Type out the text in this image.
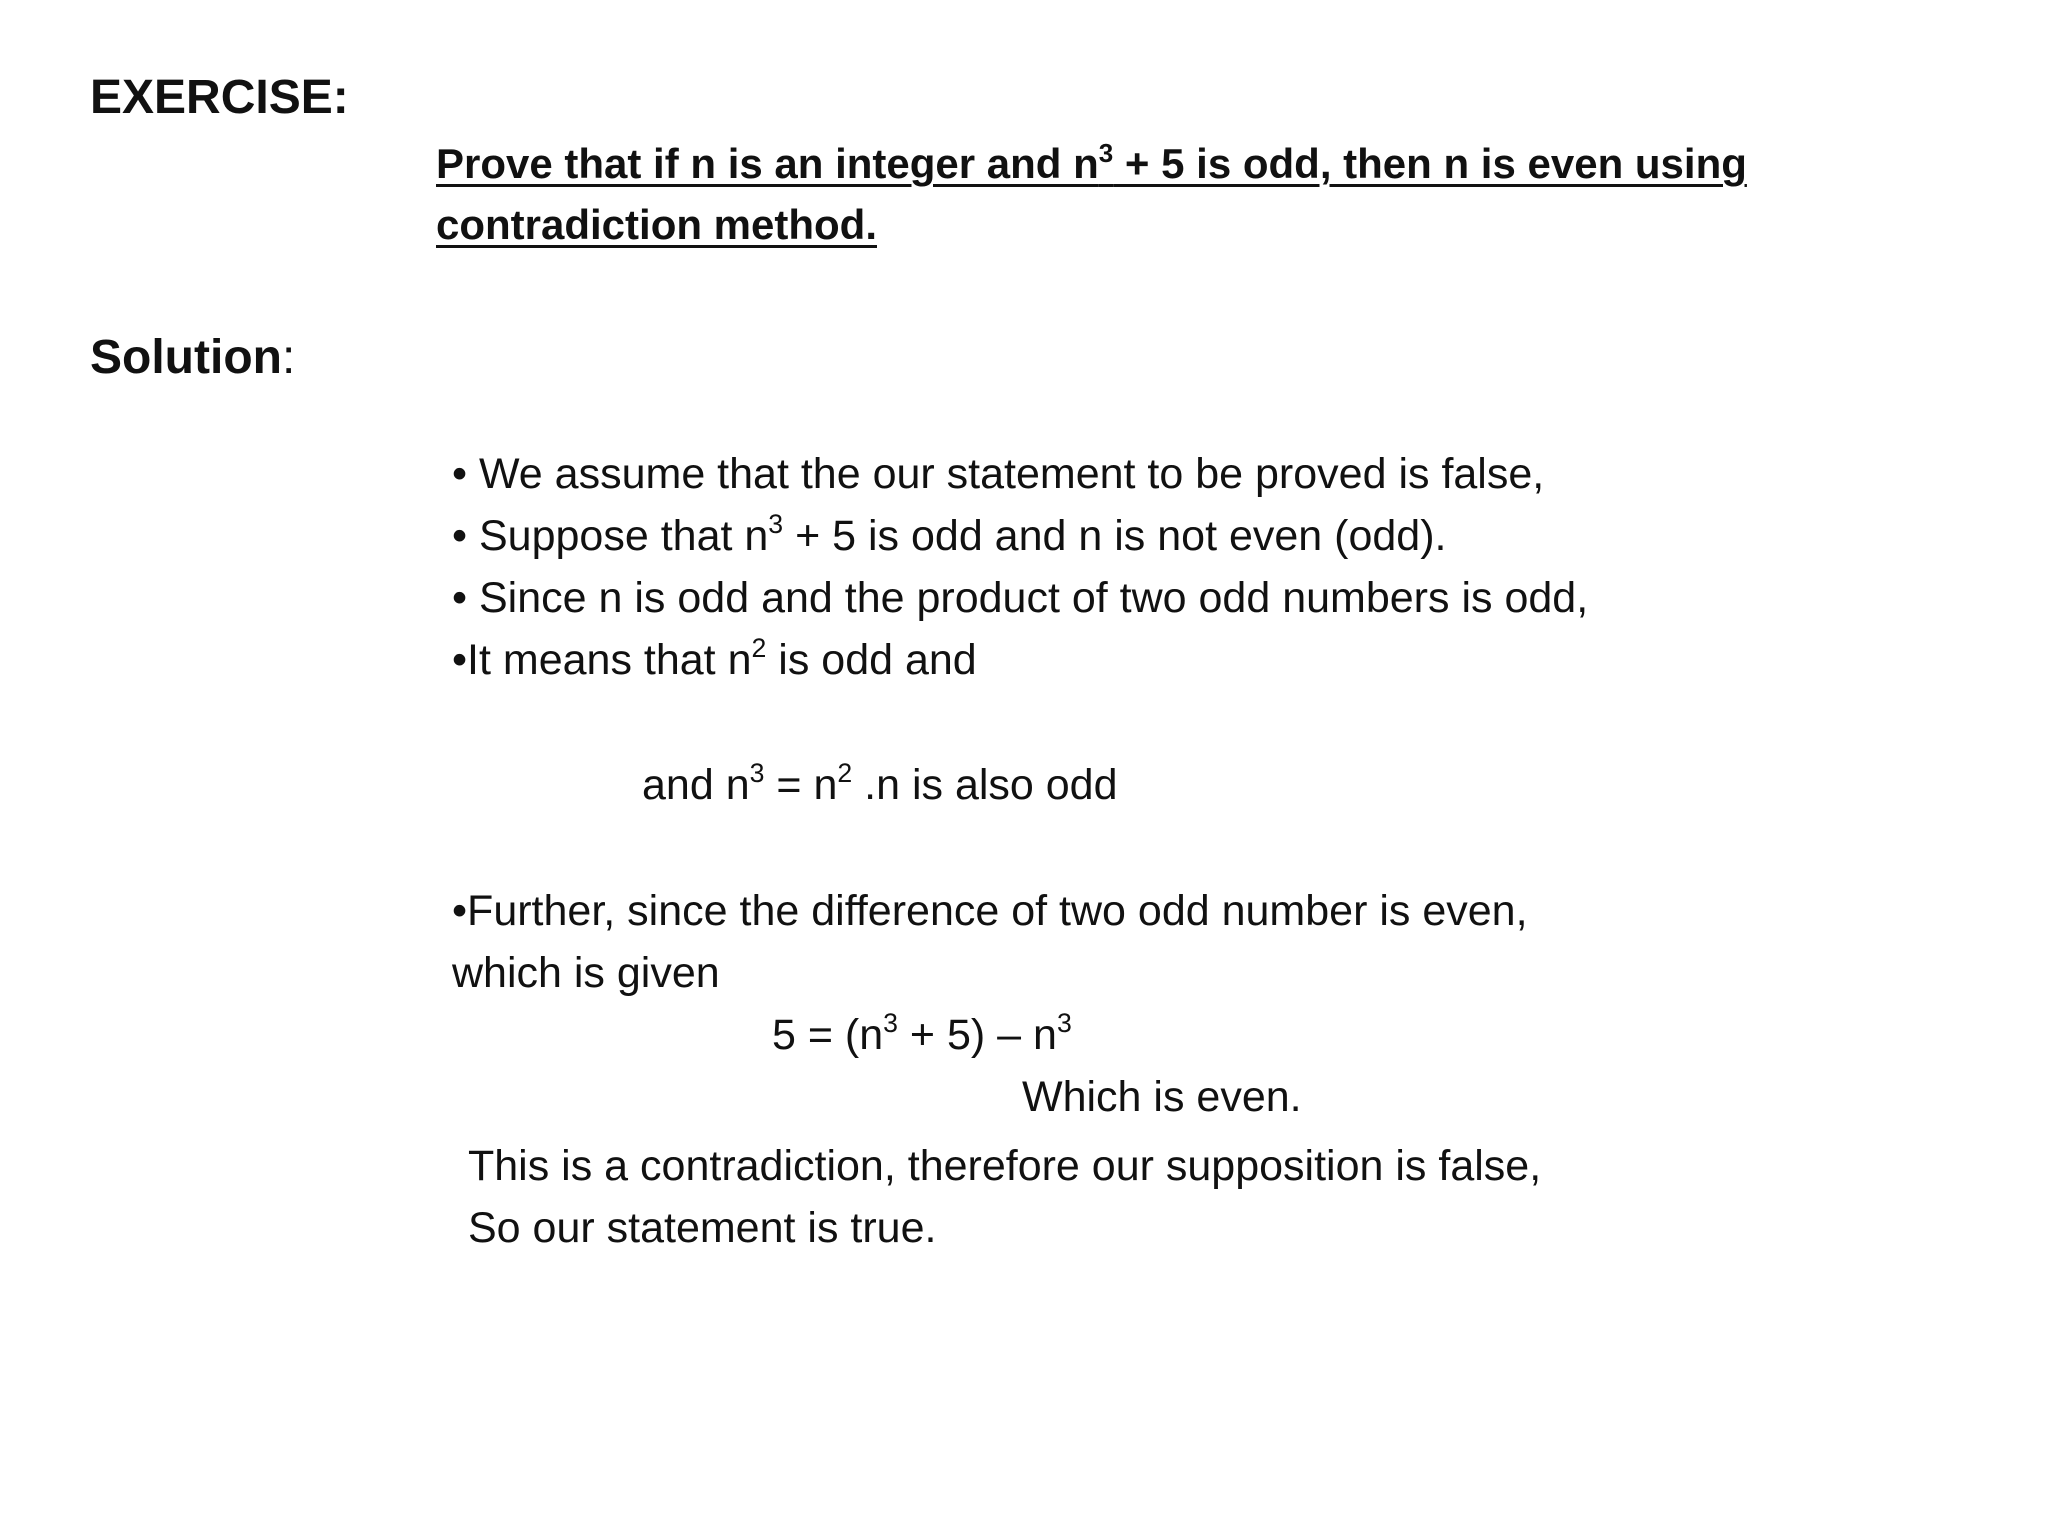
EXERCISE:
Prove that if n is an integer and $n^3 + 5$ is odd, then n is even using
contradiction method.
Solution:
• We assume that the our statement to be proved is false,
• Suppose that $n^3 + 5$ is odd and n is not even (odd).
• Since n is odd and the product of two odd numbers is odd,
•It means that $n^2$ is odd and
and $n^3 = n^2$ .n is also odd
•Further, since the difference of two odd number is even,
which is given
$5 = (n^3 + 5) - n^3$
Which is even.
This is a contradiction, therefore our supposition is false,
So our statement is true.
